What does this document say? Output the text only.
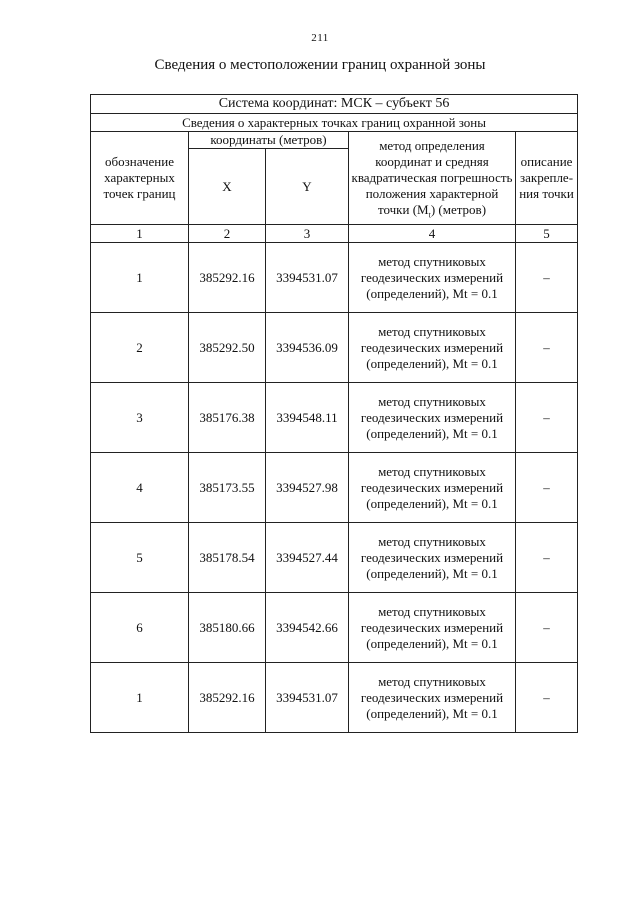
211
Сведения о местоположении границ охранной зоны
Система координат: МСК – субъект 56				
Сведения о характерных точках границ охранной зоны				
обозначение характерных точек границ	координаты (метров)		метод определения координат и средняя квадратическая погрешность положения характерной точки $(M_t)$ (метров)	описание закрепле-ния точки
	X	Y		
1	2	3	4	5
1	385292.16	3394531.07	метод спутниковых геодезических измерений (определений), Mt = 0.1	–
2	385292.50	3394536.09	метод спутниковых геодезических измерений (определений), Mt = 0.1	–
3	385176.38	3394548.11	метод спутниковых геодезических измерений (определений), Mt = 0.1	–
4	385173.55	3394527.98	метод спутниковых геодезических измерений (определений), Mt = 0.1	–
5	385178.54	3394527.44	метод спутниковых геодезических измерений (определений), Mt = 0.1	–
6	385180.66	3394542.66	метод спутниковых геодезических измерений (определений), Mt = 0.1	–
1	385292.16	3394531.07	метод спутниковых геодезических измерений (определений), Mt = 0.1	–
